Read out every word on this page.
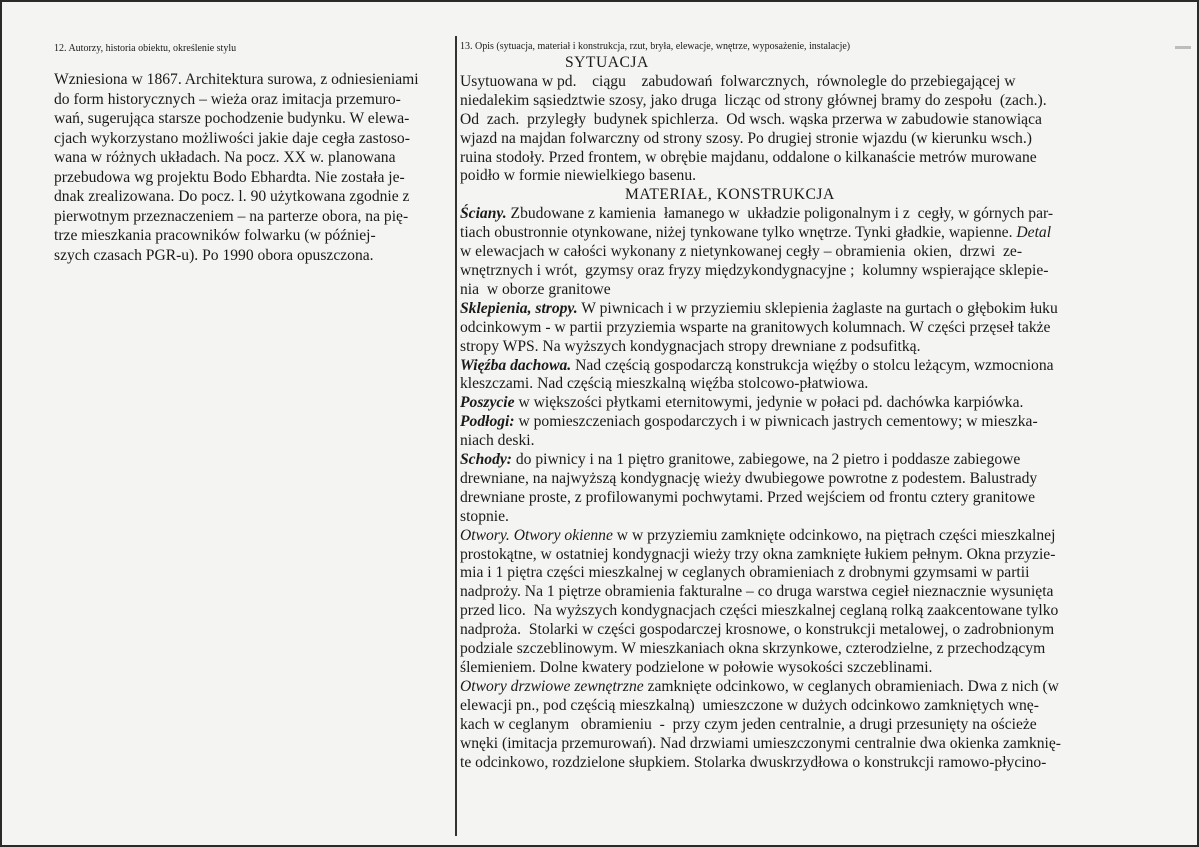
12. Autorzy, historia obiektu, określenie stylu
Wzniesiona w 1867. Architektura surowa, z odniesieniami
do form historycznych – wieża oraz imitacja przemuro-
wań, sugerująca starsze pochodzenie budynku. W elewa-
cjach wykorzystano możliwości jakie daje cegła zastoso-
wana w różnych układach. Na pocz. XX w. planowana
przebudowa wg projektu Bodo Ebhardta. Nie została je-
dnak zrealizowana. Do pocz. l. 90 użytkowana zgodnie z
pierwotnym przeznaczeniem – na parterze obora, na pię-
trze mieszkania pracowników folwarku (w później-
szych czasach PGR-u). Po 1990 obora opuszczona.
13. Opis (sytuacja, materiał i konstrukcja, rzut, bryła, elewacje, wnętrze, wyposażenie, instalacje)
SYTUACJA
Usytuowana w pd.    ciągu    zabudowań  folwarcznych,  równolegle do przebiegającej w
niedalekim sąsiedztwie szosy, jako druga  licząc od strony głównej bramy do zespołu  (zach.).
Od  zach.  przyległy  budynek spichlerza.  Od wsch. wąska przerwa w zabudowie stanowiąca
wjazd na majdan folwarczny od strony szosy. Po drugiej stronie wjazdu (w kierunku wsch.)
ruina stodoły. Przed frontem, w obrębie majdanu, oddalone o kilkanaście metrów murowane
poidło w formie niewielkiego basenu.
MATERIAŁ, KONSTRUKCJA
Ściany. Zbudowane z kamienia  łamanego w  układzie poligonalnym i z  cegły, w górnych par-
tiach obustronnie otynkowane, niżej tynkowane tylko wnętrze. Tynki gładkie, wapienne. Detal
w elewacjach w całości wykonany z nietynkowanej cegły – obramienia  okien,  drzwi  ze-
wnętrznych i wrót,  gzymsy oraz fryzy międzykondygnacyjne ;  kolumny wspierające sklepie-
nia  w oborze granitowe
Sklepienia, stropy. W piwnicach i w przyziemiu sklepienia żaglaste na gurtach o głębokim łuku
odcinkowym - w partii przyziemia wsparte na granitowych kolumnach. W części przęseł także
stropy WPS. Na wyższych kondygnacjach stropy drewniane z podsufitką.
Więźba dachowa. Nad częścią gospodarczą konstrukcja więźby o stolcu leżącym, wzmocniona
kleszczami. Nad częścią mieszkalną więźba stolcowo-płatwiowa.
Poszycie w większości płytkami eternitowymi, jedynie w połaci pd. dachówka karpiówka.
Podłogi: w pomieszczeniach gospodarczych i w piwnicach jastrych cementowy; w mieszka-
niach deski.
Schody: do piwnicy i na 1 piętro granitowe, zabiegowe, na 2 pietro i poddasze zabiegowe
drewniane, na najwyższą kondygnację wieży dwubiegowe powrotne z podestem. Balustrady
drewniane proste, z profilowanymi pochwytami. Przed wejściem od frontu cztery granitowe
stopnie.
Otwory. Otwory okienne w w przyziemiu zamknięte odcinkowo, na piętrach części mieszkalnej
prostokątne, w ostatniej kondygnacji wieży trzy okna zamknięte łukiem pełnym. Okna przyzie-
mia i 1 piętra części mieszkalnej w ceglanych obramieniach z drobnymi gzymsami w partii
nadproży. Na 1 piętrze obramienia fakturalne – co druga warstwa cegieł nieznacznie wysunięta
przed lico.  Na wyższych kondygnacjach części mieszkalnej ceglaną rolką zaakcentowane tylko
nadproża.  Stolarki w części gospodarczej krosnowe, o konstrukcji metalowej, o zadrobnionym
podziale szczeblinowym. W mieszkaniach okna skrzynkowe, czterodzielne, z przechodzącym
ślemieniem. Dolne kwatery podzielone w połowie wysokości szczeblinami.
Otwory drzwiowe zewnętrzne zamknięte odcinkowo, w ceglanych obramieniach. Dwa z nich (w
elewacji pn., pod częścią mieszkalną)  umieszczone w dużych odcinkowo zamkniętych wnę-
kach w ceglanym   obramieniu  -  przy czym jeden centralnie, a drugi przesunięty na ościeże
wnęki (imitacja przemurowań). Nad drzwiami umieszczonymi centralnie dwa okienka zamknię-
te odcinkowo, rozdzielone słupkiem. Stolarka dwuskrzydłowa o konstrukcji ramowo-płycino-
